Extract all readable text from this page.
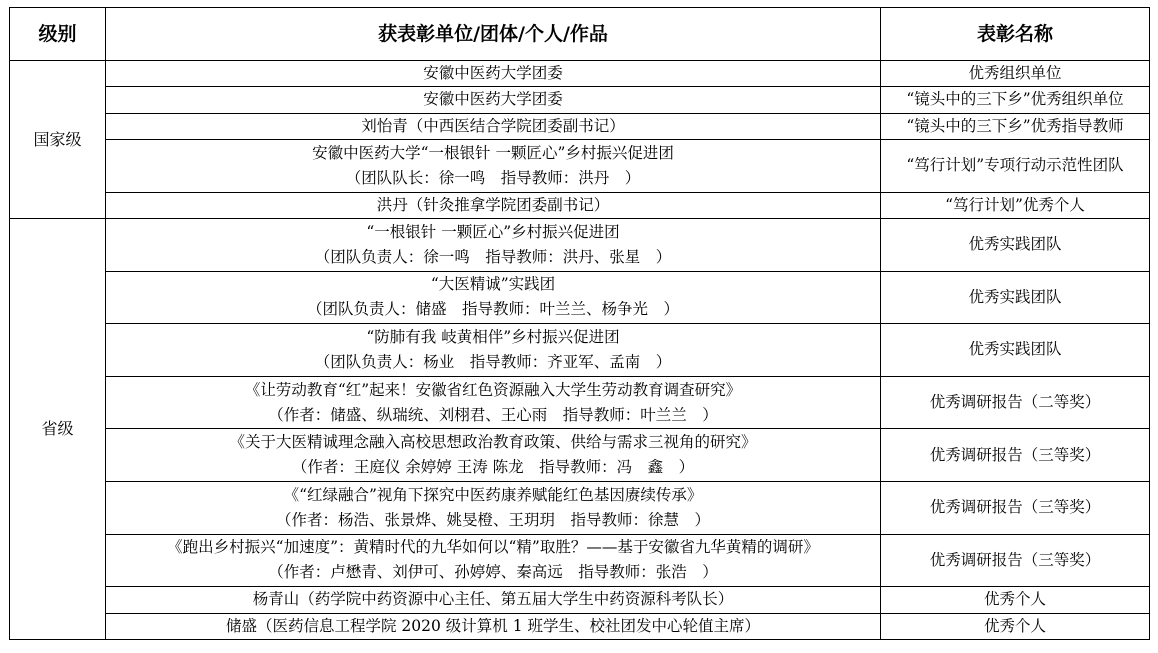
级别	获表彰单位/团体/个人/作品	表彰名称
国家级	安徽中医药大学团委	优秀组织单位

	安徽中医药大学团委	“镜头中的三下乡”优秀组织单位

	刘怡青（中西医结合学院团委副书记）	“镜头中的三下乡”优秀指导教师

	安徽中医药大学“一根银针 一颗匠心”乡村振兴促进团
（团队队长：徐一鸣　指导教师：洪丹　）	“笃行计划”专项行动示范性团队

	洪丹（针灸推拿学院团委副书记）	“笃行计划”优秀个人
省级	“一根银针 一颗匠心”乡村振兴促进团
（团队负责人：徐一鸣　指导教师：洪丹、张星　）	优秀实践团队

	“大医精诚”实践团
（团队负责人：储盛　指导教师：叶兰兰、杨争光　）	优秀实践团队

	“防肺有我 岐黄相伴”乡村振兴促进团
（团队负责人：杨业　指导教师：齐亚军、孟南　）	优秀实践团队

	《让劳动教育“红”起来！安徽省红色资源融入大学生劳动教育调查研究》
（作者：储盛、纵瑞统、刘栩君、王心雨　指导教师：叶兰兰　）	优秀调研报告（二等奖）

	《关于大医精诚理念融入高校思想政治教育政策、供给与需求三视角的研究》
（作者：王庭仪 余婷婷 王涛 陈龙　指导教师：冯　鑫　）	优秀调研报告（三等奖）

	《“红绿融合”视角下探究中医药康养赋能红色基因赓续传承》
（作者：杨浩、张景烨、姚旻橙、王玥玥　指导教师：徐慧　）	优秀调研报告（三等奖）

	《跑出乡村振兴“加速度”：黄精时代的九华如何以“精”取胜？——基于安徽省九华黄精的调研》
（作者：卢懋青、刘伊可、孙婷婷、秦高远　指导教师：张浩　）	优秀调研报告（三等奖）

	杨青山（药学院中药资源中心主任、第五届大学生中药资源科考队长）	优秀个人

	储盛（医药信息工程学院 2020 级计算机 1 班学生、校社团发中心轮值主席）	优秀个人
